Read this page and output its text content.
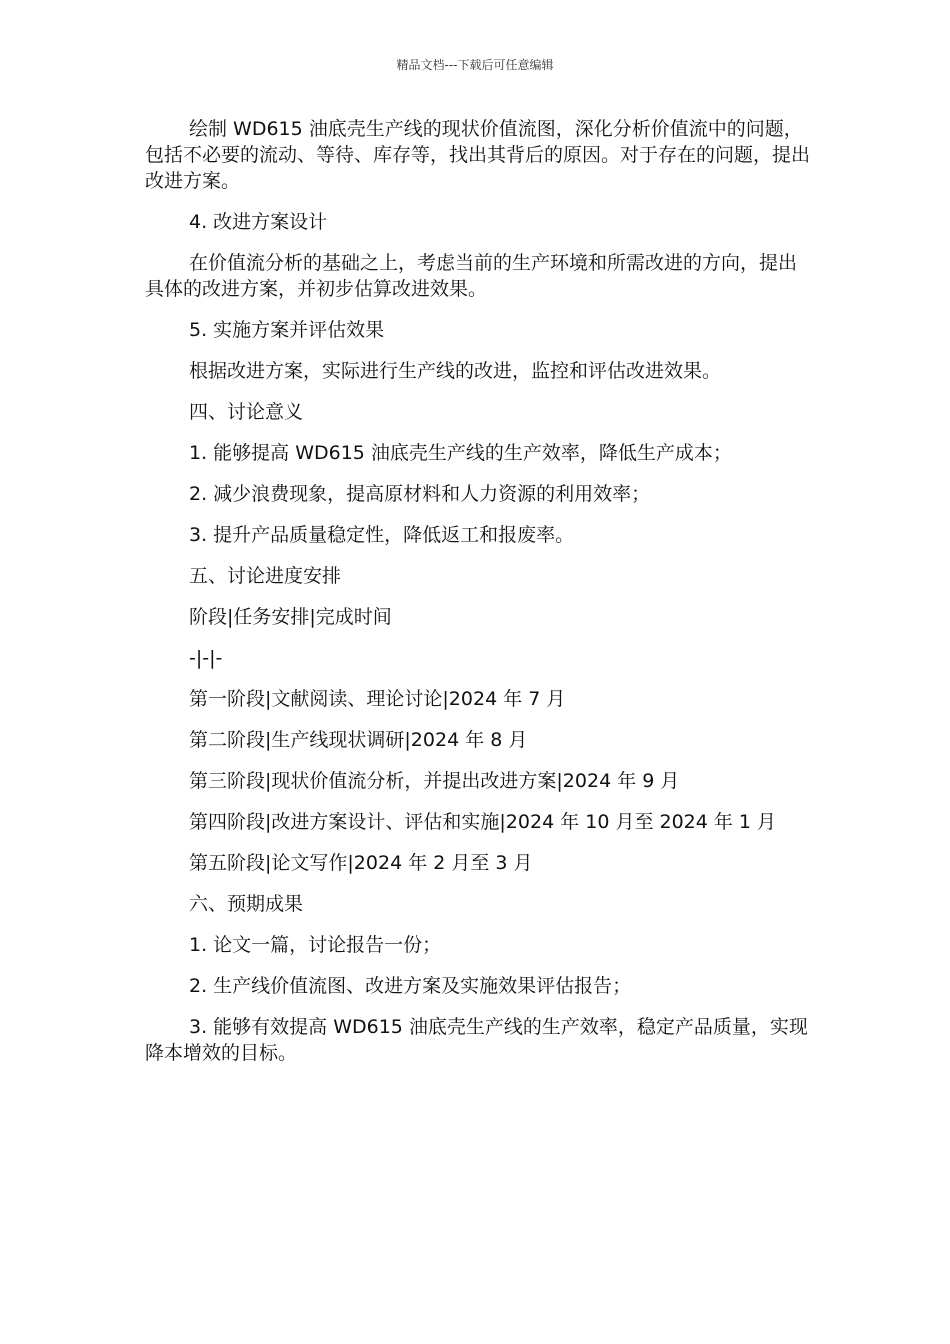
精品文档---下载后可任意编辑

绘制 WD615 油底壳生产线的现状价值流图，深化分析价值流中的问题，包括不必要的流动、等待、库存等，找出其背后的原因。对于存在的问题，提出改进方案。

4. 改进方案设计

在价值流分析的基础之上，考虑当前的生产环境和所需改进的方向，提出具体的改进方案，并初步估算改进效果。

5. 实施方案并评估效果

根据改进方案，实际进行生产线的改进，监控和评估改进效果。

四、讨论意义

1. 能够提高 WD615 油底壳生产线的生产效率，降低生产成本；

2. 减少浪费现象，提高原材料和人力资源的利用效率；

3. 提升产品质量稳定性，降低返工和报废率。

五、讨论进度安排

阶段|任务安排|完成时间

-|-|-

第一阶段|文献阅读、理论讨论|2024 年 7 月

第二阶段|生产线现状调研|2024 年 8 月

第三阶段|现状价值流分析，并提出改进方案|2024 年 9 月

第四阶段|改进方案设计、评估和实施|2024 年 10 月至 2024 年 1 月

第五阶段|论文写作|2024 年 2 月至 3 月

六、预期成果

1. 论文一篇，讨论报告一份；

2. 生产线价值流图、改进方案及实施效果评估报告；

3. 能够有效提高 WD615 油底壳生产线的生产效率，稳定产品质量，实现降本增效的目标。
